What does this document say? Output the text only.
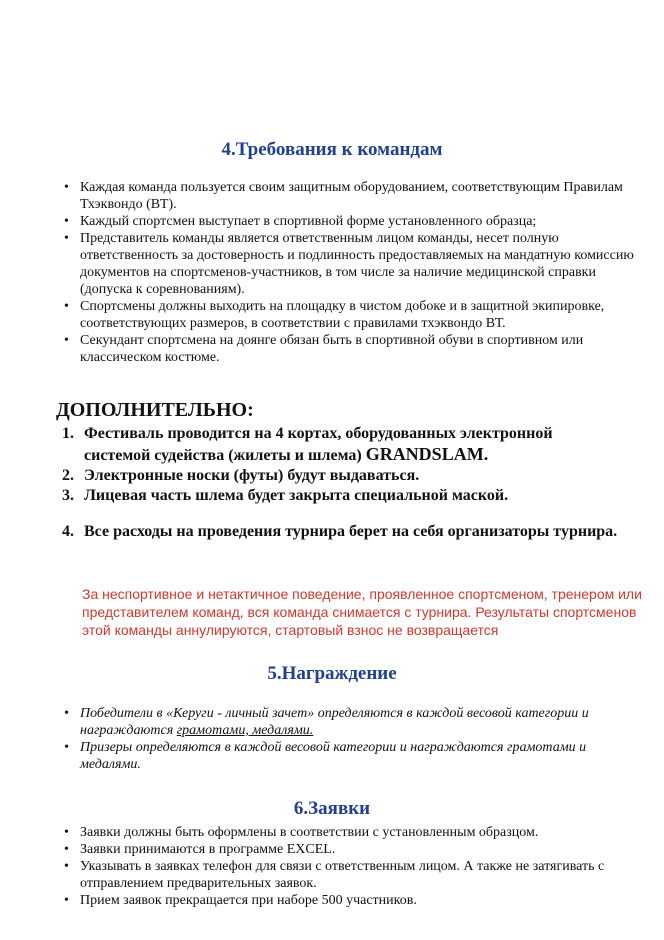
4.Требования к командам
• Каждая команда пользуется своим защитным оборудованием, соответствующим Правилам Тхэквондо (ВТ).
• Каждый спортсмен выступает в спортивной форме установленного образца;
• Представитель команды является ответственным лицом команды, несет полную ответственность за достоверность и подлинность предоставляемых на мандатную комиссию документов на спортсменов-участников, в том числе за наличие медицинской справки (допуска к соревнованиям).
• Спортсмены должны выходить на площадку в чистом добоке и в защитной экипировке, соответствующих размеров, в соответствии с правилами тхэквондо ВТ.
• Секундант спортсмена на доянге обязан быть в спортивной обуви в спортивном или классическом костюме.
ДОПОЛНИТЕЛЬНО:
1. Фестиваль проводится на 4 кортах, оборудованных электронной системой судейства (жилеты и шлема) GRANDSLAM.
2. Электронные носки (футы) будут выдаваться.
3. Лицевая часть шлема будет закрыта специальной маской.
4. Все расходы на проведения турнира берет на себя организаторы турнира.
За неспортивное и нетактичное поведение, проявленное спортсменом, тренером или представителем команд, вся команда снимается с турнира. Результаты спортсменов этой команды аннулируются, стартовый взнос не возвращается
5.Награждение
• Победители в «Керуги - личный зачет» определяются в каждой весовой категории и награждаются грамотами, медалями.
• Призеры определяются в каждой весовой категории и награждаются грамотами и медалями.
6.Заявки
• Заявки должны быть оформлены в соответствии с установленным образцом.
• Заявки принимаются в программе EXCEL.
• Указывать в заявках телефон для связи с ответственным лицом. А также не затягивать с отправлением предварительных заявок.
• Прием заявок прекращается при наборе 500 участников.
